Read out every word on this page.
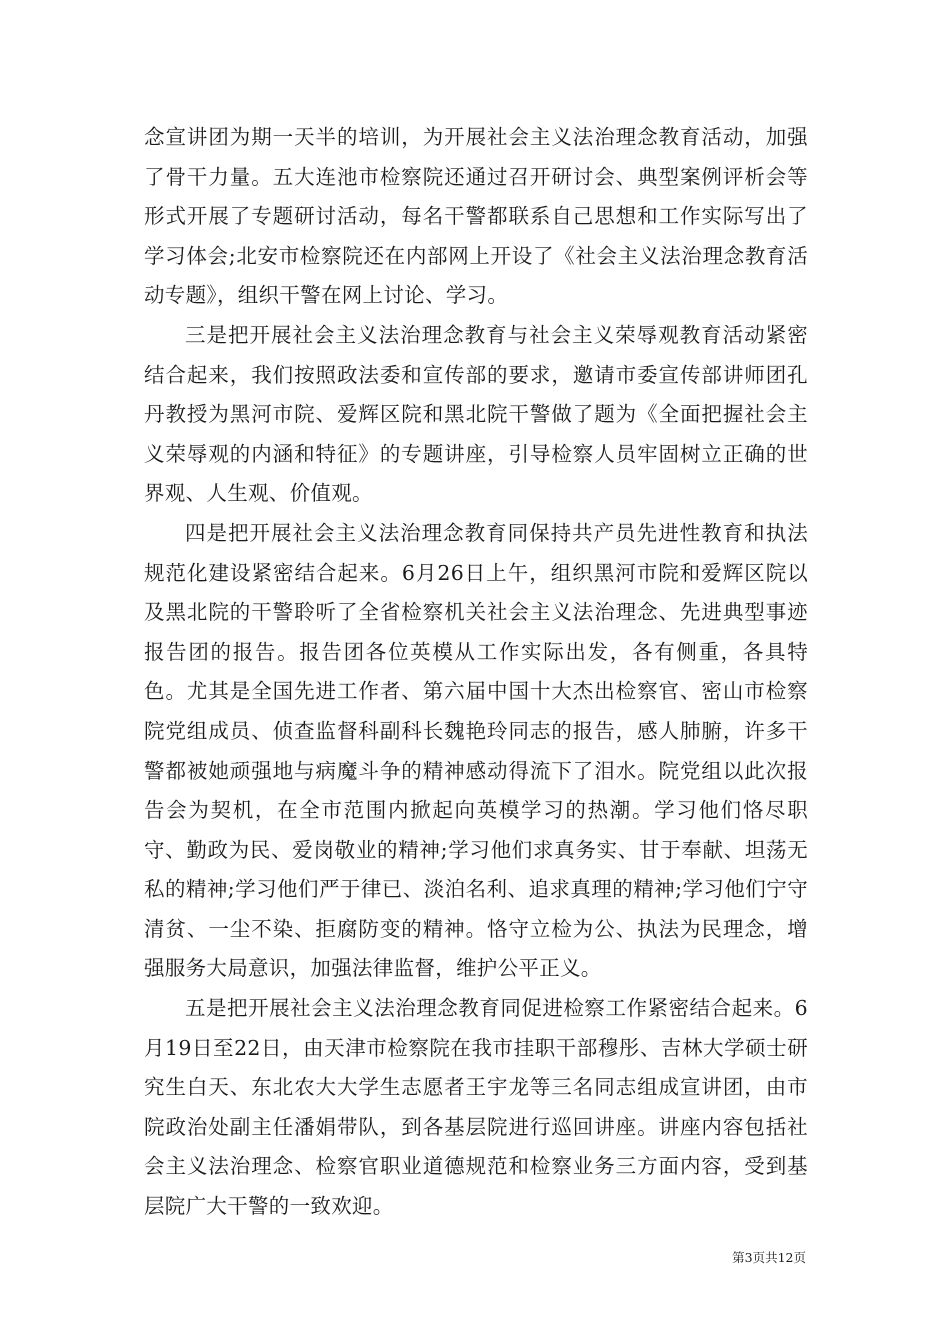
念宣讲团为期一天半的培训，为开展社会主义法治理念教育活动，加强了骨干力量。五大连池市检察院还通过召开研讨会、典型案例评析会等形式开展了专题研讨活动，每名干警都联系自己思想和工作实际写出了学习体会;北安市检察院还在内部网上开设了《社会主义法治理念教育活动专题》，组织干警在网上讨论、学习。

三是把开展社会主义法治理念教育与社会主义荣辱观教育活动紧密结合起来，我们按照政法委和宣传部的要求，邀请市委宣传部讲师团孔丹教授为黑河市院、爱辉区院和黑北院干警做了题为《全面把握社会主义荣辱观的内涵和特征》的专题讲座，引导检察人员牢固树立正确的世界观、人生观、价值观。

四是把开展社会主义法治理念教育同保持共产员先进性教育和执法规范化建设紧密结合起来。6月26日上午，组织黑河市院和爱辉区院以及黑北院的干警聆听了全省检察机关社会主义法治理念、先进典型事迹报告团的报告。报告团各位英模从工作实际出发，各有侧重，各具特色。尤其是全国先进工作者、第六届中国十大杰出检察官、密山市检察院党组成员、侦查监督科副科长魏艳玲同志的报告，感人肺腑，许多干警都被她顽强地与病魔斗争的精神感动得流下了泪水。院党组以此次报告会为契机，在全市范围内掀起向英模学习的热潮。学习他们恪尽职守、勤政为民、爱岗敬业的精神;学习他们求真务实、甘于奉献、坦荡无私的精神;学习他们严于律已、淡泊名利、追求真理的精神;学习他们宁守清贫、一尘不染、拒腐防变的精神。恪守立检为公、执法为民理念，增强服务大局意识，加强法律监督，维护公平正义。

五是把开展社会主义法治理念教育同促进检察工作紧密结合起来。6月19日至22日，由天津市检察院在我市挂职干部穆彤、吉林大学硕士研究生白天、东北农大大学生志愿者王宇龙等三名同志组成宣讲团，由市院政治处副主任潘娟带队，到各基层院进行巡回讲座。讲座内容包括社会主义法治理念、检察官职业道德规范和检察业务三方面内容，受到基层院广大干警的一致欢迎。

第3页共12页
